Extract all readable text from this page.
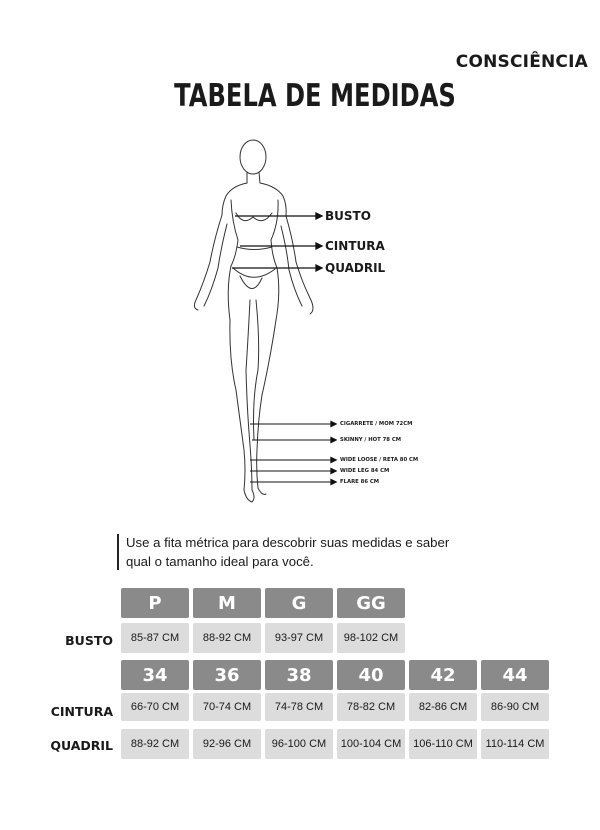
CONSCIÊNCIA
TABELA DE MEDIDAS
BUSTO
CINTURA
QUADRIL
CIGARRETE / MOM 72CM
SKINNY / HOT 78 CM
WIDE LOOSE / RETA 80 CM
WIDE LEG 84 CM
FLARE 86 CM
Use a fita métrica para descobrir suas medidas e saber qual o tamanho ideal para você.
P	M	G	GG
BUSTO	85-87 CM	88-92 CM	93-97 CM	98-102 CM
34	36	38	40	42	44
CINTURA	66-70 CM	70-74 CM	74-78 CM	78-82 CM	82-86 CM	86-90 CM
QUADRIL	88-92 CM	92-96 CM	96-100 CM	100-104 CM	106-110 CM	110-114 CM
